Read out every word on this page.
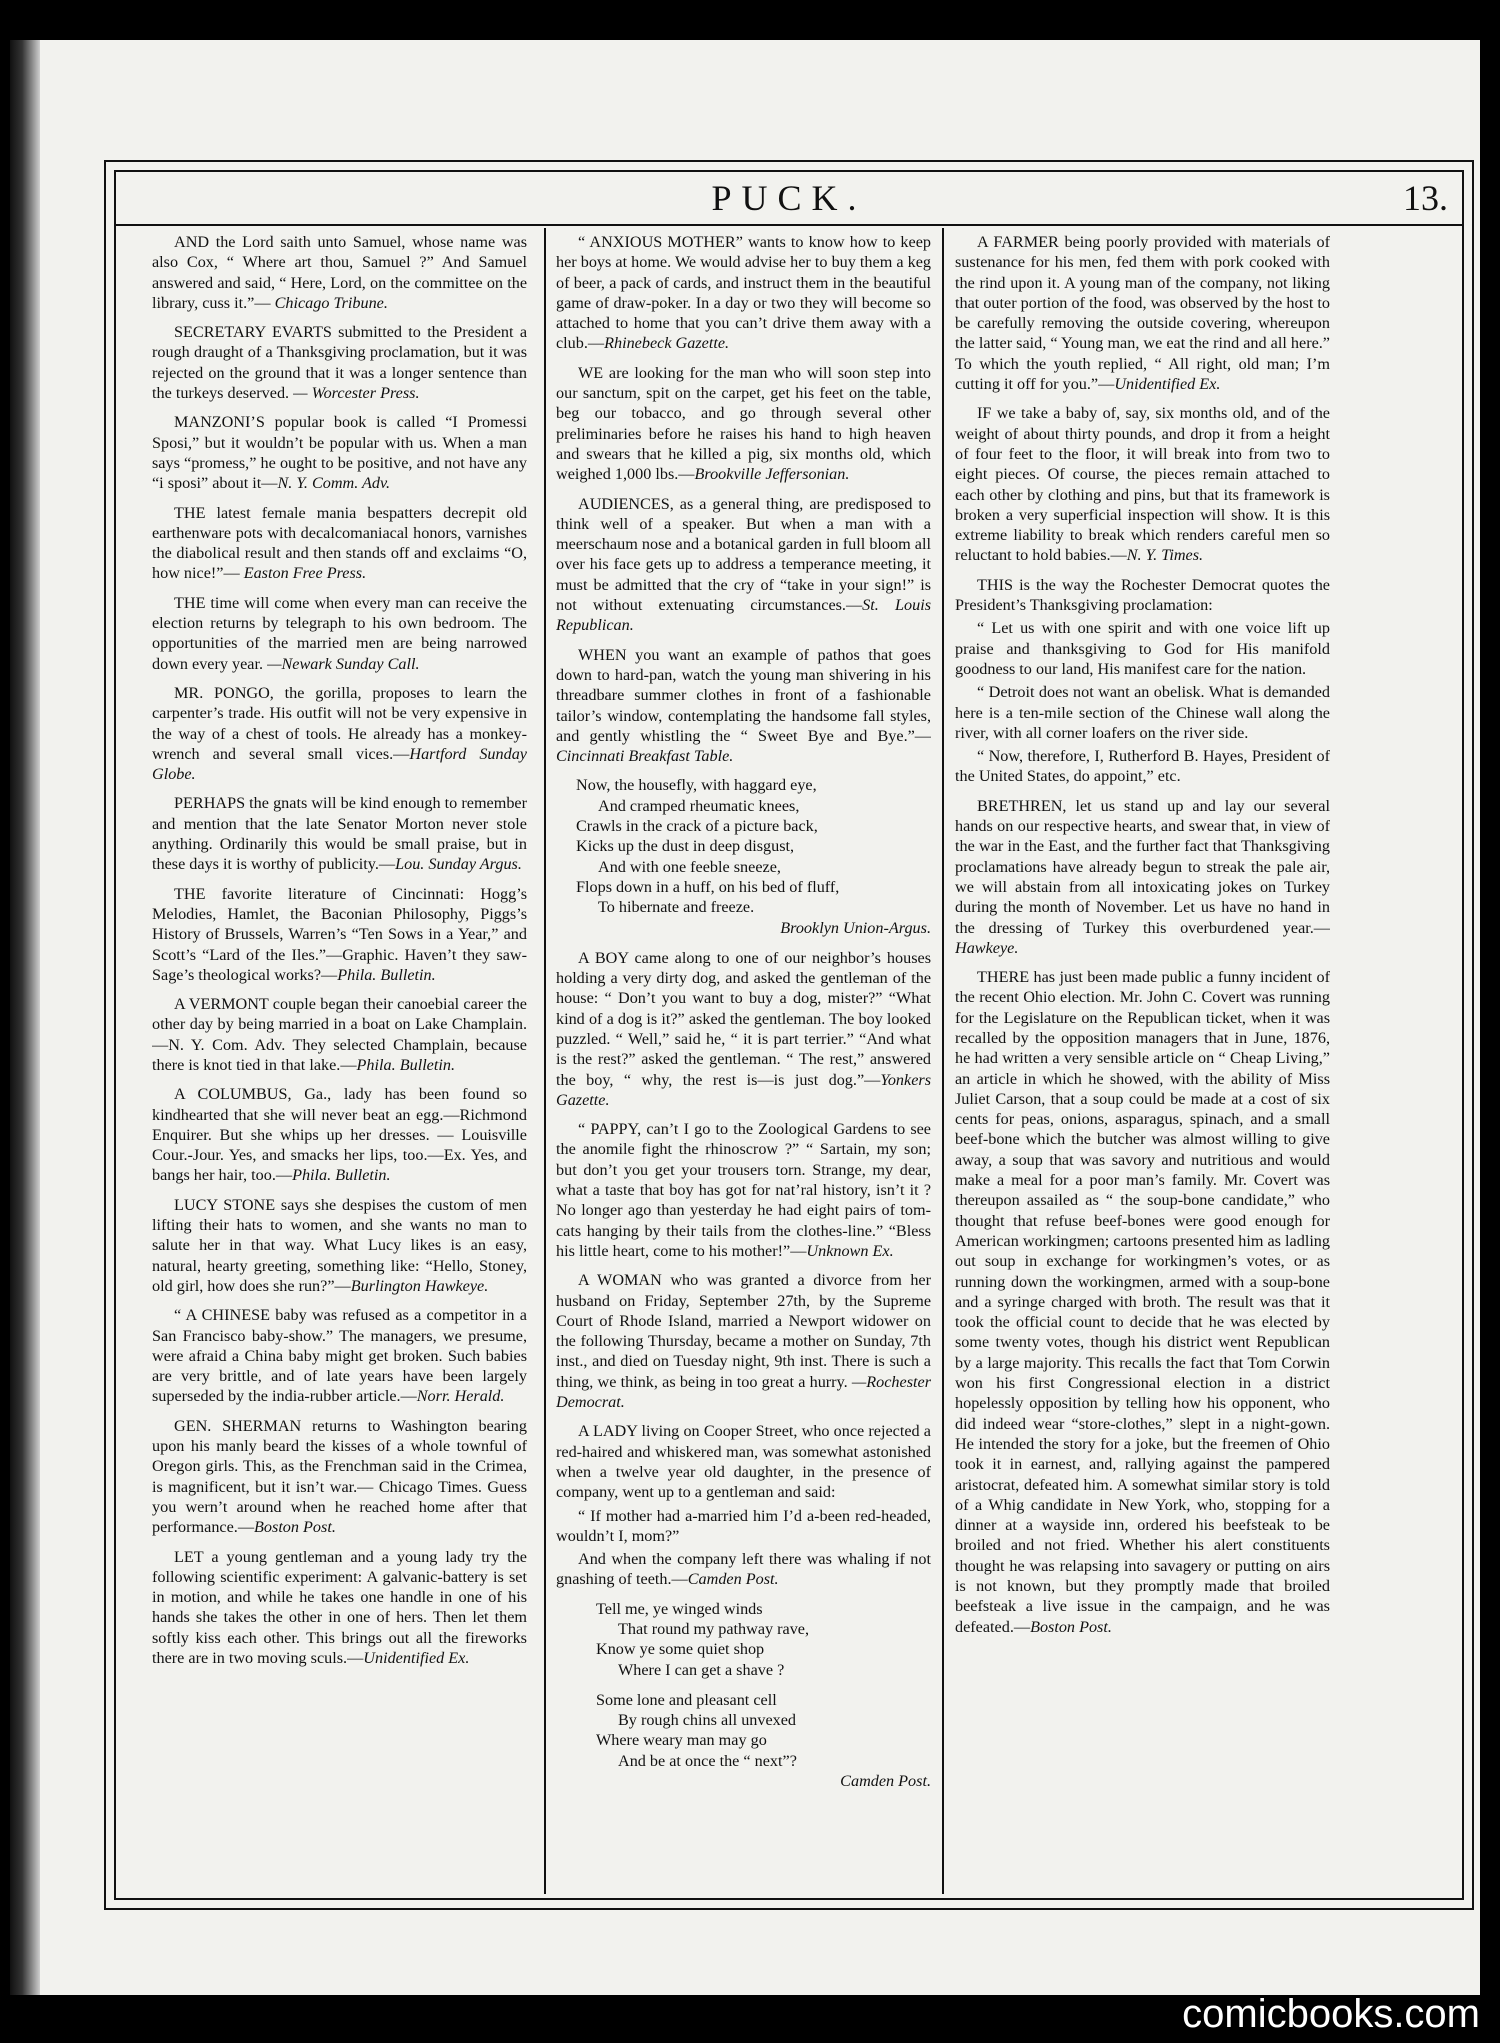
PUCK.	13.

AND the Lord saith unto Samuel, whose name was also Cox, “ Where art thou, Samuel ?” And Samuel answered and said, “ Here, Lord, on the committee on the library, cuss it.”— Chicago Tribune.

SECRETARY EVARTS submitted to the President a rough draught of a Thanksgiving proclamation, but it was rejected on the ground that it was a longer sentence than the turkeys deserved. — Worcester Press.

MANZONI’S popular book is called “I Promessi Sposi,” but it wouldn’t be popular with us. When a man says “promess,” he ought to be positive, and not have any “i sposi” about it—N. Y. Comm. Adv.

THE latest female mania bespatters decrepit old earthenware pots with decalcomaniacal honors, varnishes the diabolical result and then stands off and exclaims “O, how nice!”— Easton Free Press.

THE time will come when every man can receive the election returns by telegraph to his own bedroom. The opportunities of the married men are being narrowed down every year. —Newark Sunday Call.

MR. PONGO, the gorilla, proposes to learn the carpenter’s trade. His outfit will not be very expensive in the way of a chest of tools. He already has a monkey-wrench and several small vices.—Hartford Sunday Globe.

PERHAPS the gnats will be kind enough to remember and mention that the late Senator Morton never stole anything. Ordinarily this would be small praise, but in these days it is worthy of publicity.—Lou. Sunday Argus.

THE favorite literature of Cincinnati: Hogg’s Melodies, Hamlet, the Baconian Philosophy, Piggs’s History of Brussels, Warren’s “Ten Sows in a Year,” and Scott’s “Lard of the Iles.”—Graphic. Haven’t they saw-Sage’s theological works?—Phila. Bulletin.

A VERMONT couple began their canoebial career the other day by being married in a boat on Lake Champlain.—N. Y. Com. Adv. They selected Champlain, because there is knot tied in that lake.—Phila. Bulletin.

A COLUMBUS, Ga., lady has been found so kindhearted that she will never beat an egg.—Richmond Enquirer. But she whips up her dresses. — Louisville Cour.-Jour. Yes, and smacks her lips, too.—Ex. Yes, and bangs her hair, too.—Phila. Bulletin.

LUCY STONE says she despises the custom of men lifting their hats to women, and she wants no man to salute her in that way. What Lucy likes is an easy, natural, hearty greeting, something like: “Hello, Stoney, old girl, how does she run?”—Burlington Hawkeye.

“ A CHINESE baby was refused as a competitor in a San Francisco baby-show.” The managers, we presume, were afraid a China baby might get broken. Such babies are very brittle, and of late years have been largely superseded by the india-rubber article.—Norr. Herald.

GEN. SHERMAN returns to Washington bearing upon his manly beard the kisses of a whole townful of Oregon girls. This, as the Frenchman said in the Crimea, is magnificent, but it isn’t war.— Chicago Times. Guess you wern’t around when he reached home after that performance.—Boston Post.

LET a young gentleman and a young lady try the following scientific experiment: A galvanic-battery is set in motion, and while he takes one handle in one of his hands she takes the other in one of hers. Then let them softly kiss each other. This brings out all the fireworks there are in two moving sculs.—Unidentified Ex.

“ ANXIOUS MOTHER” wants to know how to keep her boys at home. We would advise her to buy them a keg of beer, a pack of cards, and instruct them in the beautiful game of draw-poker. In a day or two they will become so attached to home that you can’t drive them away with a club.—Rhinebeck Gazette.

WE are looking for the man who will soon step into our sanctum, spit on the carpet, get his feet on the table, beg our tobacco, and go through several other preliminaries before he raises his hand to high heaven and swears that he killed a pig, six months old, which weighed 1,000 lbs.—Brookville Jeffersonian.

AUDIENCES, as a general thing, are predisposed to think well of a speaker. But when a man with a meerschaum nose and a botanical garden in full bloom all over his face gets up to address a temperance meeting, it must be admitted that the cry of “take in your sign!” is not without extenuating circumstances.—St. Louis Republican.

WHEN you want an example of pathos that goes down to hard-pan, watch the young man shivering in his threadbare summer clothes in front of a fashionable tailor’s window, contemplating the handsome fall styles, and gently whistling the “ Sweet Bye and Bye.”—Cincinnati Breakfast Table.

Now, the housefly, with haggard eye,
And cramped rheumatic knees,
Crawls in the crack of a picture back,
Kicks up the dust in deep disgust,
And with one feeble sneeze,
Flops down in a huff, on his bed of fluff,
To hibernate and freeze.
Brooklyn Union-Argus.

A BOY came along to one of our neighbor’s houses holding a very dirty dog, and asked the gentleman of the house: “ Don’t you want to buy a dog, mister?” “What kind of a dog is it?” asked the gentleman. The boy looked puzzled. “ Well,” said he, “ it is part terrier.” “And what is the rest?” asked the gentleman. “ The rest,” answered the boy, “ why, the rest is—is just dog.”—Yonkers Gazette.

“ PAPPY, can’t I go to the Zoological Gardens to see the anomile fight the rhinoscrow ?” “ Sartain, my son; but don’t you get your trousers torn. Strange, my dear, what a taste that boy has got for nat’ral history, isn’t it ? No longer ago than yesterday he had eight pairs of tom-cats hanging by their tails from the clothes-line.” “Bless his little heart, come to his mother!”—Unknown Ex.

A WOMAN who was granted a divorce from her husband on Friday, September 27th, by the Supreme Court of Rhode Island, married a Newport widower on the following Thursday, became a mother on Sunday, 7th inst., and died on Tuesday night, 9th inst. There is such a thing, we think, as being in too great a hurry. —Rochester Democrat.

A LADY living on Cooper Street, who once rejected a red-haired and whiskered man, was somewhat astonished when a twelve year old daughter, in the presence of company, went up to a gentleman and said:

“ If mother had a-married him I’d a-been red-headed, wouldn’t I, mom?”

And when the company left there was whaling if not gnashing of teeth.—Camden Post.

Tell me, ye winged winds
That round my pathway rave,
Know ye some quiet shop
Where I can get a shave ?
Some lone and pleasant cell
By rough chins all unvexed
Where weary man may go
And be at once the “ next”?
Camden Post.

A FARMER being poorly provided with materials of sustenance for his men, fed them with pork cooked with the rind upon it. A young man of the company, not liking that outer portion of the food, was observed by the host to be carefully removing the outside covering, whereupon the latter said, “ Young man, we eat the rind and all here.” To which the youth replied, “ All right, old man; I’m cutting it off for you.”—Unidentified Ex.

IF we take a baby of, say, six months old, and of the weight of about thirty pounds, and drop it from a height of four feet to the floor, it will break into from two to eight pieces. Of course, the pieces remain attached to each other by clothing and pins, but that its framework is broken a very superficial inspection will show. It is this extreme liability to break which renders careful men so reluctant to hold babies.—N. Y. Times.

THIS is the way the Rochester Democrat quotes the President’s Thanksgiving proclamation:

“ Let us with one spirit and with one voice lift up praise and thanksgiving to God for His manifold goodness to our land, His manifest care for the nation.

“ Detroit does not want an obelisk. What is demanded here is a ten-mile section of the Chinese wall along the river, with all corner loafers on the river side.

“ Now, therefore, I, Rutherford B. Hayes, President of the United States, do appoint,” etc.

BRETHREN, let us stand up and lay our several hands on our respective hearts, and swear that, in view of the war in the East, and the further fact that Thanksgiving proclamations have already begun to streak the pale air, we will abstain from all intoxicating jokes on Turkey during the month of November. Let us have no hand in the dressing of Turkey this overburdened year.—Hawkeye.

THERE has just been made public a funny incident of the recent Ohio election. Mr. John C. Covert was running for the Legislature on the Republican ticket, when it was recalled by the opposition managers that in June, 1876, he had written a very sensible article on “ Cheap Living,” an article in which he showed, with the ability of Miss Juliet Carson, that a soup could be made at a cost of six cents for peas, onions, asparagus, spinach, and a small beef-bone which the butcher was almost willing to give away, a soup that was savory and nutritious and would make a meal for a poor man’s family. Mr. Covert was thereupon assailed as “ the soup-bone candidate,” who thought that refuse beef-bones were good enough for American workingmen; cartoons presented him as ladling out soup in exchange for workingmen’s votes, or as running down the workingmen, armed with a soup-bone and a syringe charged with broth. The result was that it took the official count to decide that he was elected by some twenty votes, though his district went Republican by a large majority. This recalls the fact that Tom Corwin won his first Congressional election in a district hopelessly opposition by telling how his opponent, who did indeed wear “store-clothes,” slept in a night-gown. He intended the story for a joke, but the freemen of Ohio took it in earnest, and, rallying against the pampered aristocrat, defeated him. A somewhat similar story is told of a Whig candidate in New York, who, stopping for a dinner at a wayside inn, ordered his beefsteak to be broiled and not fried. Whether his alert constituents thought he was relapsing into savagery or putting on airs is not known, but they promptly made that broiled beefsteak a live issue in the campaign, and he was defeated.—Boston Post.

comicbooks.com
